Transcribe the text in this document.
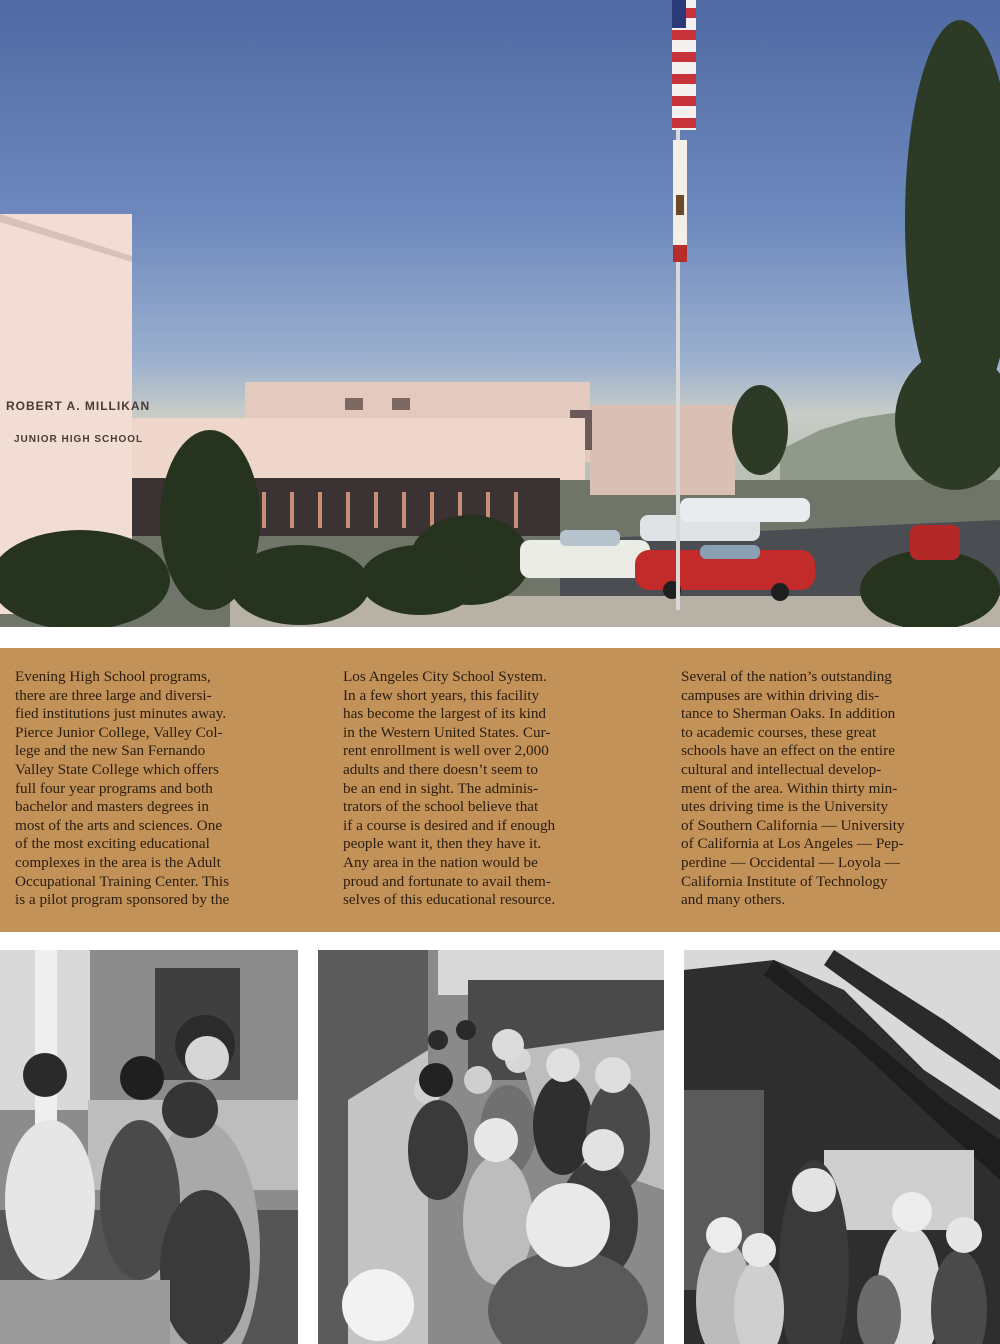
ROBERT A. MILLIKAN
JUNIOR HIGH SCHOOL
Evening High School programs,
there are three large and diversi-
fied institutions just minutes away.
Pierce Junior College, Valley Col-
lege and the new San Fernando
Valley State College which offers
full four year programs and both
bachelor and masters degrees in
most of the arts and sciences. One
of the most exciting educational
complexes in the area is the Adult
Occupational Training Center. This
is a pilot program sponsored by the
Los Angeles City School System.
In a few short years, this facility
has become the largest of its kind
in the Western United States. Cur-
rent enrollment is well over 2,000
adults and there doesn’t seem to
be an end in sight. The adminis-
trators of the school believe that
if a course is desired and if enough
people want it, then they have it.
Any area in the nation would be
proud and fortunate to avail them-
selves of this educational resource.
Several of the nation’s outstanding
campuses are within driving dis-
tance to Sherman Oaks. In addition
to academic courses, these great
schools have an effect on the entire
cultural and intellectual develop-
ment of the area. Within thirty min-
utes driving time is the University
of Southern California — University
of California at Los Angeles — Pep-
perdine — Occidental — Loyola —
California Institute of Technology
and many others.
